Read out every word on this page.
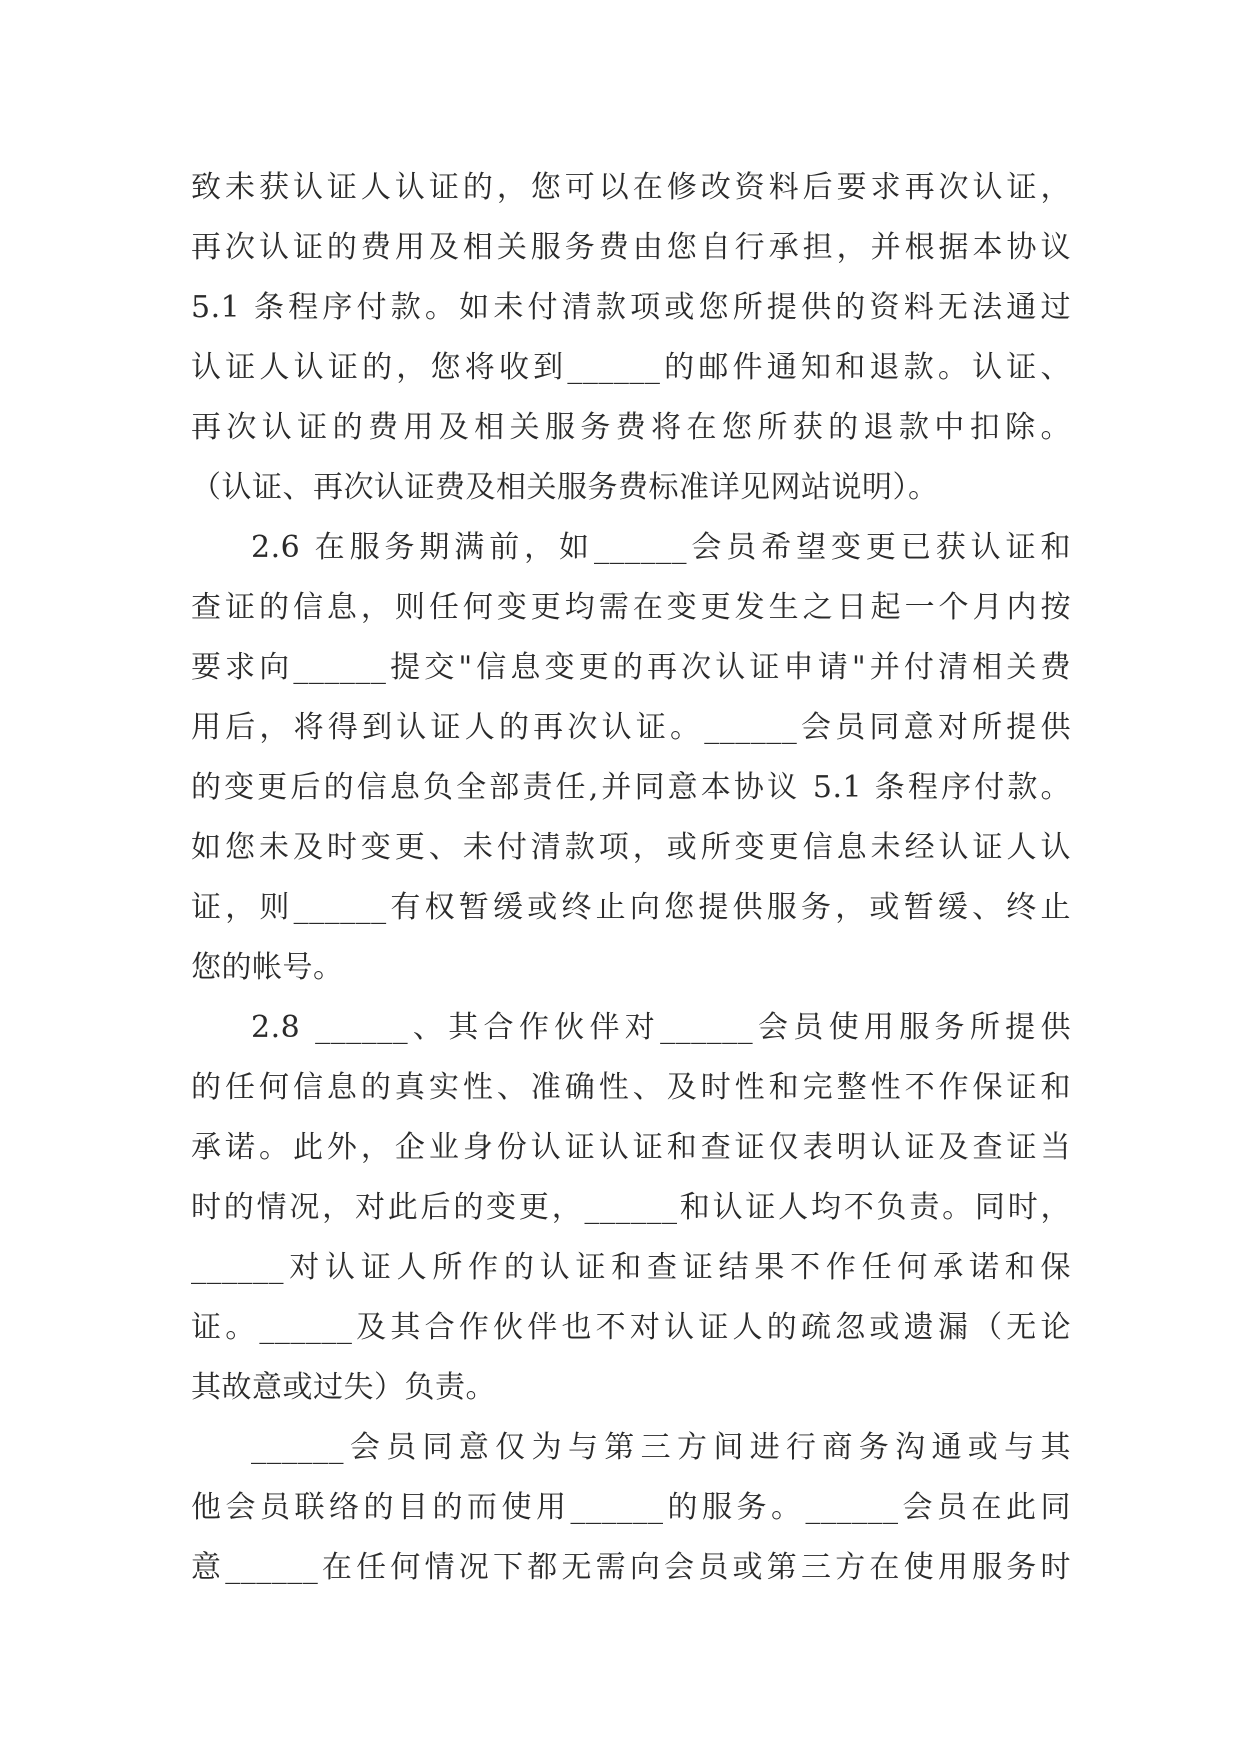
致未获认证人认证的，您可以在修改资料后要求再次认证，
再次认证的费用及相关服务费由您自行承担，并根据本协议
5.1 条程序付款。如未付清款项或您所提供的资料无法通过
认证人认证的，您将收到______的邮件通知和退款。认证、
再次认证的费用及相关服务费将在您所获的退款中扣除。
（认证、再次认证费及相关服务费标准详见网站说明）。
2.6 在服务期满前，如______会员希望变更已获认证和
查证的信息，则任何变更均需在变更发生之日起一个月内按
要求向______提交"信息变更的再次认证申请"并付清相关费
用后，将得到认证人的再次认证。______会员同意对所提供
的变更后的信息负全部责任,并同意本协议 5.1 条程序付款。
如您未及时变更、未付清款项，或所变更信息未经认证人认
证，则______有权暂缓或终止向您提供服务，或暂缓、终止
您的帐号。
2.8 ______、其合作伙伴对______会员使用服务所提供
的任何信息的真实性、准确性、及时性和完整性不作保证和
承诺。此外，企业身份认证认证和查证仅表明认证及查证当
时的情况，对此后的变更，______和认证人均不负责。同时，
______对认证人所作的认证和查证结果不作任何承诺和保
证。______及其合作伙伴也不对认证人的疏忽或遗漏（无论
其故意或过失）负责。
______会员同意仅为与第三方间进行商务沟通或与其
他会员联络的目的而使用______的服务。______会员在此同
意______在任何情况下都无需向会员或第三方在使用服务时
